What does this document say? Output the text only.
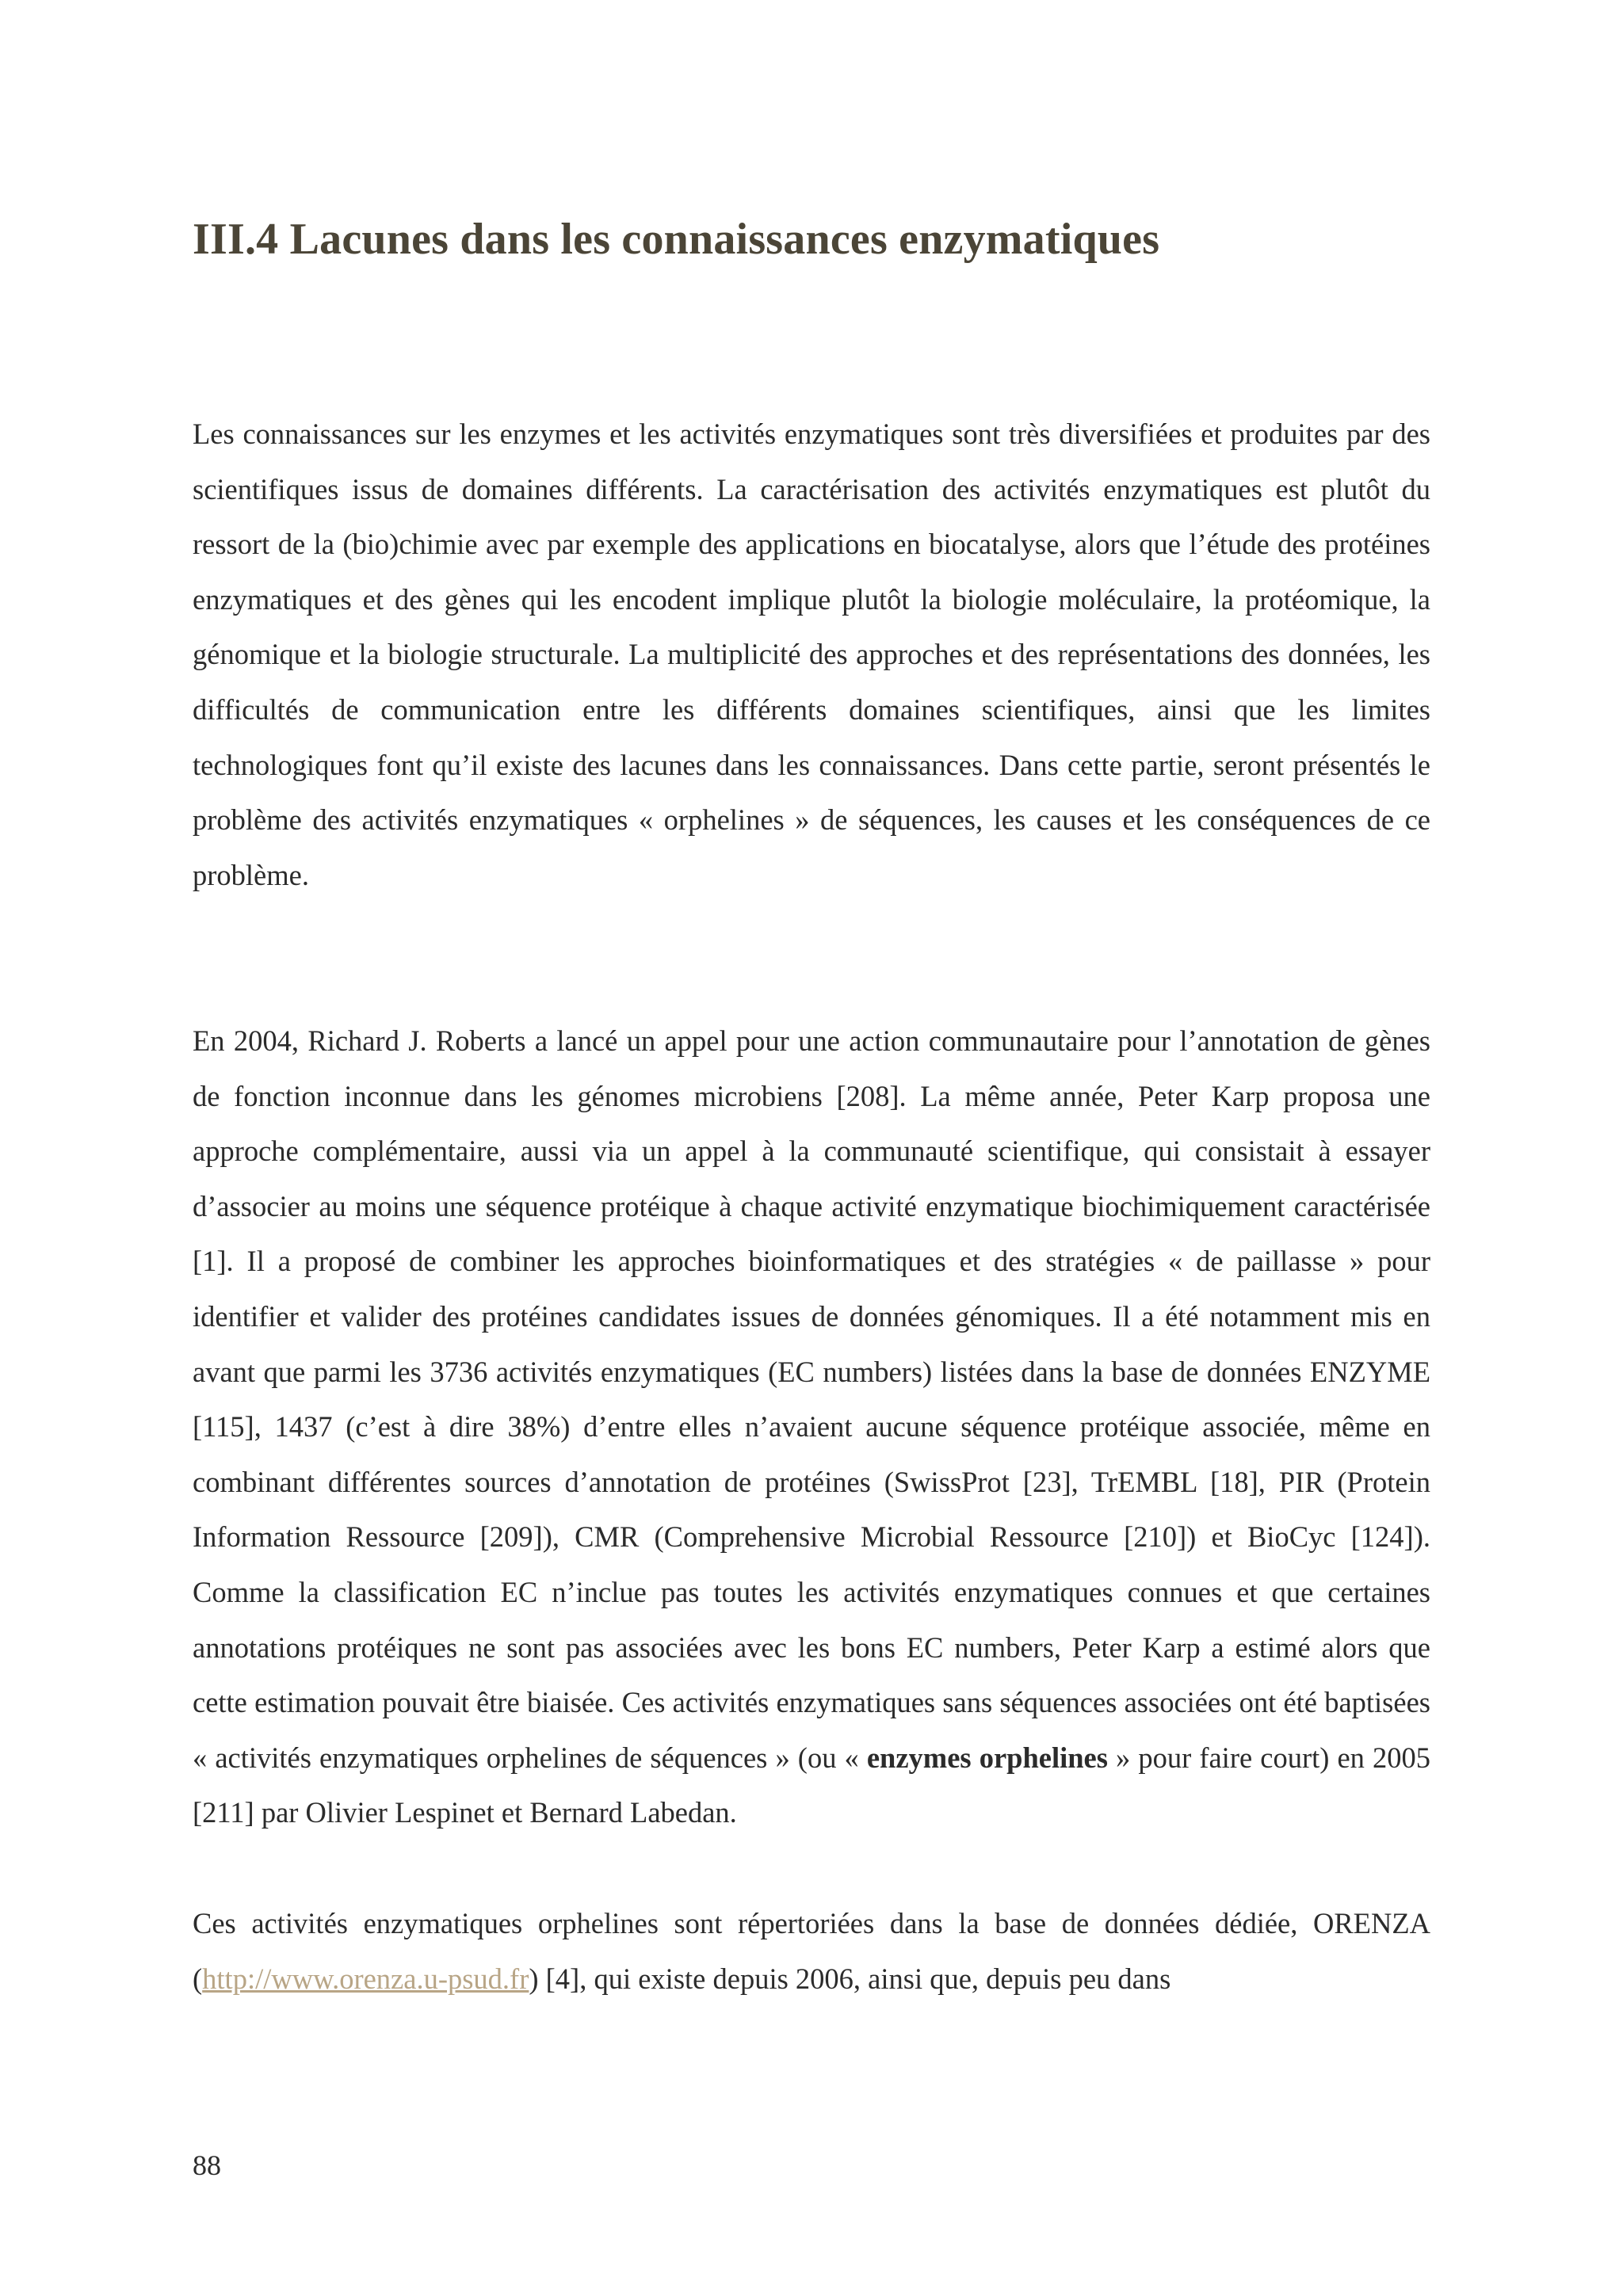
III.4 Lacunes dans les connaissances enzymatiques

Les connaissances sur les enzymes et les activités enzymatiques sont très diversifiées et produites par des scientifiques issus de domaines différents. La caractérisation des activités enzymatiques est plutôt du ressort de la (bio)chimie avec par exemple des applications en biocatalyse, alors que l’étude des protéines enzymatiques et des gènes qui les encodent implique plutôt la biologie moléculaire, la protéomique, la génomique et la biologie structurale. La multiplicité des approches et des représentations des données, les difficultés de communication entre les différents domaines scientifiques, ainsi que les limites technologiques font qu’il existe des lacunes dans les connaissances. Dans cette partie, seront présentés le problème des activités enzymatiques « orphelines » de séquences, les causes et les conséquences de ce problème.

En 2004, Richard J. Roberts a lancé un appel pour une action communautaire pour l’annotation de gènes de fonction inconnue dans les génomes microbiens [208]. La même année, Peter Karp proposa une approche complémentaire, aussi via un appel à la communauté scientifique, qui consistait à essayer d’associer au moins une séquence protéique à chaque activité enzymatique biochimiquement caractérisée [1]. Il a proposé de combiner les approches bioinformatiques et des stratégies « de paillasse » pour identifier et valider des protéines candidates issues de données génomiques. Il a été notamment mis en avant que parmi les 3736 activités enzymatiques (EC numbers) listées dans la base de données ENZYME [115], 1437 (c’est à dire 38%) d’entre elles n’avaient aucune séquence protéique associée, même en combinant différentes sources d’annotation de protéines (SwissProt [23], TrEMBL [18], PIR (Protein Information Ressource [209]), CMR (Comprehensive Microbial Ressource [210]) et BioCyc [124]). Comme la classification EC n’inclue pas toutes les activités enzymatiques connues et que certaines annotations protéiques ne sont pas associées avec les bons EC numbers, Peter Karp a estimé alors que cette estimation pouvait être biaisée. Ces activités enzymatiques sans séquences associées ont été baptisées « activités enzymatiques orphelines de séquences » (ou « enzymes orphelines » pour faire court) en 2005 [211] par Olivier Lespinet et Bernard Labedan.

Ces activités enzymatiques orphelines sont répertoriées dans la base de données dédiée, ORENZA (http://www.orenza.u-psud.fr) [4], qui existe depuis 2006, ainsi que, depuis peu dans

88
